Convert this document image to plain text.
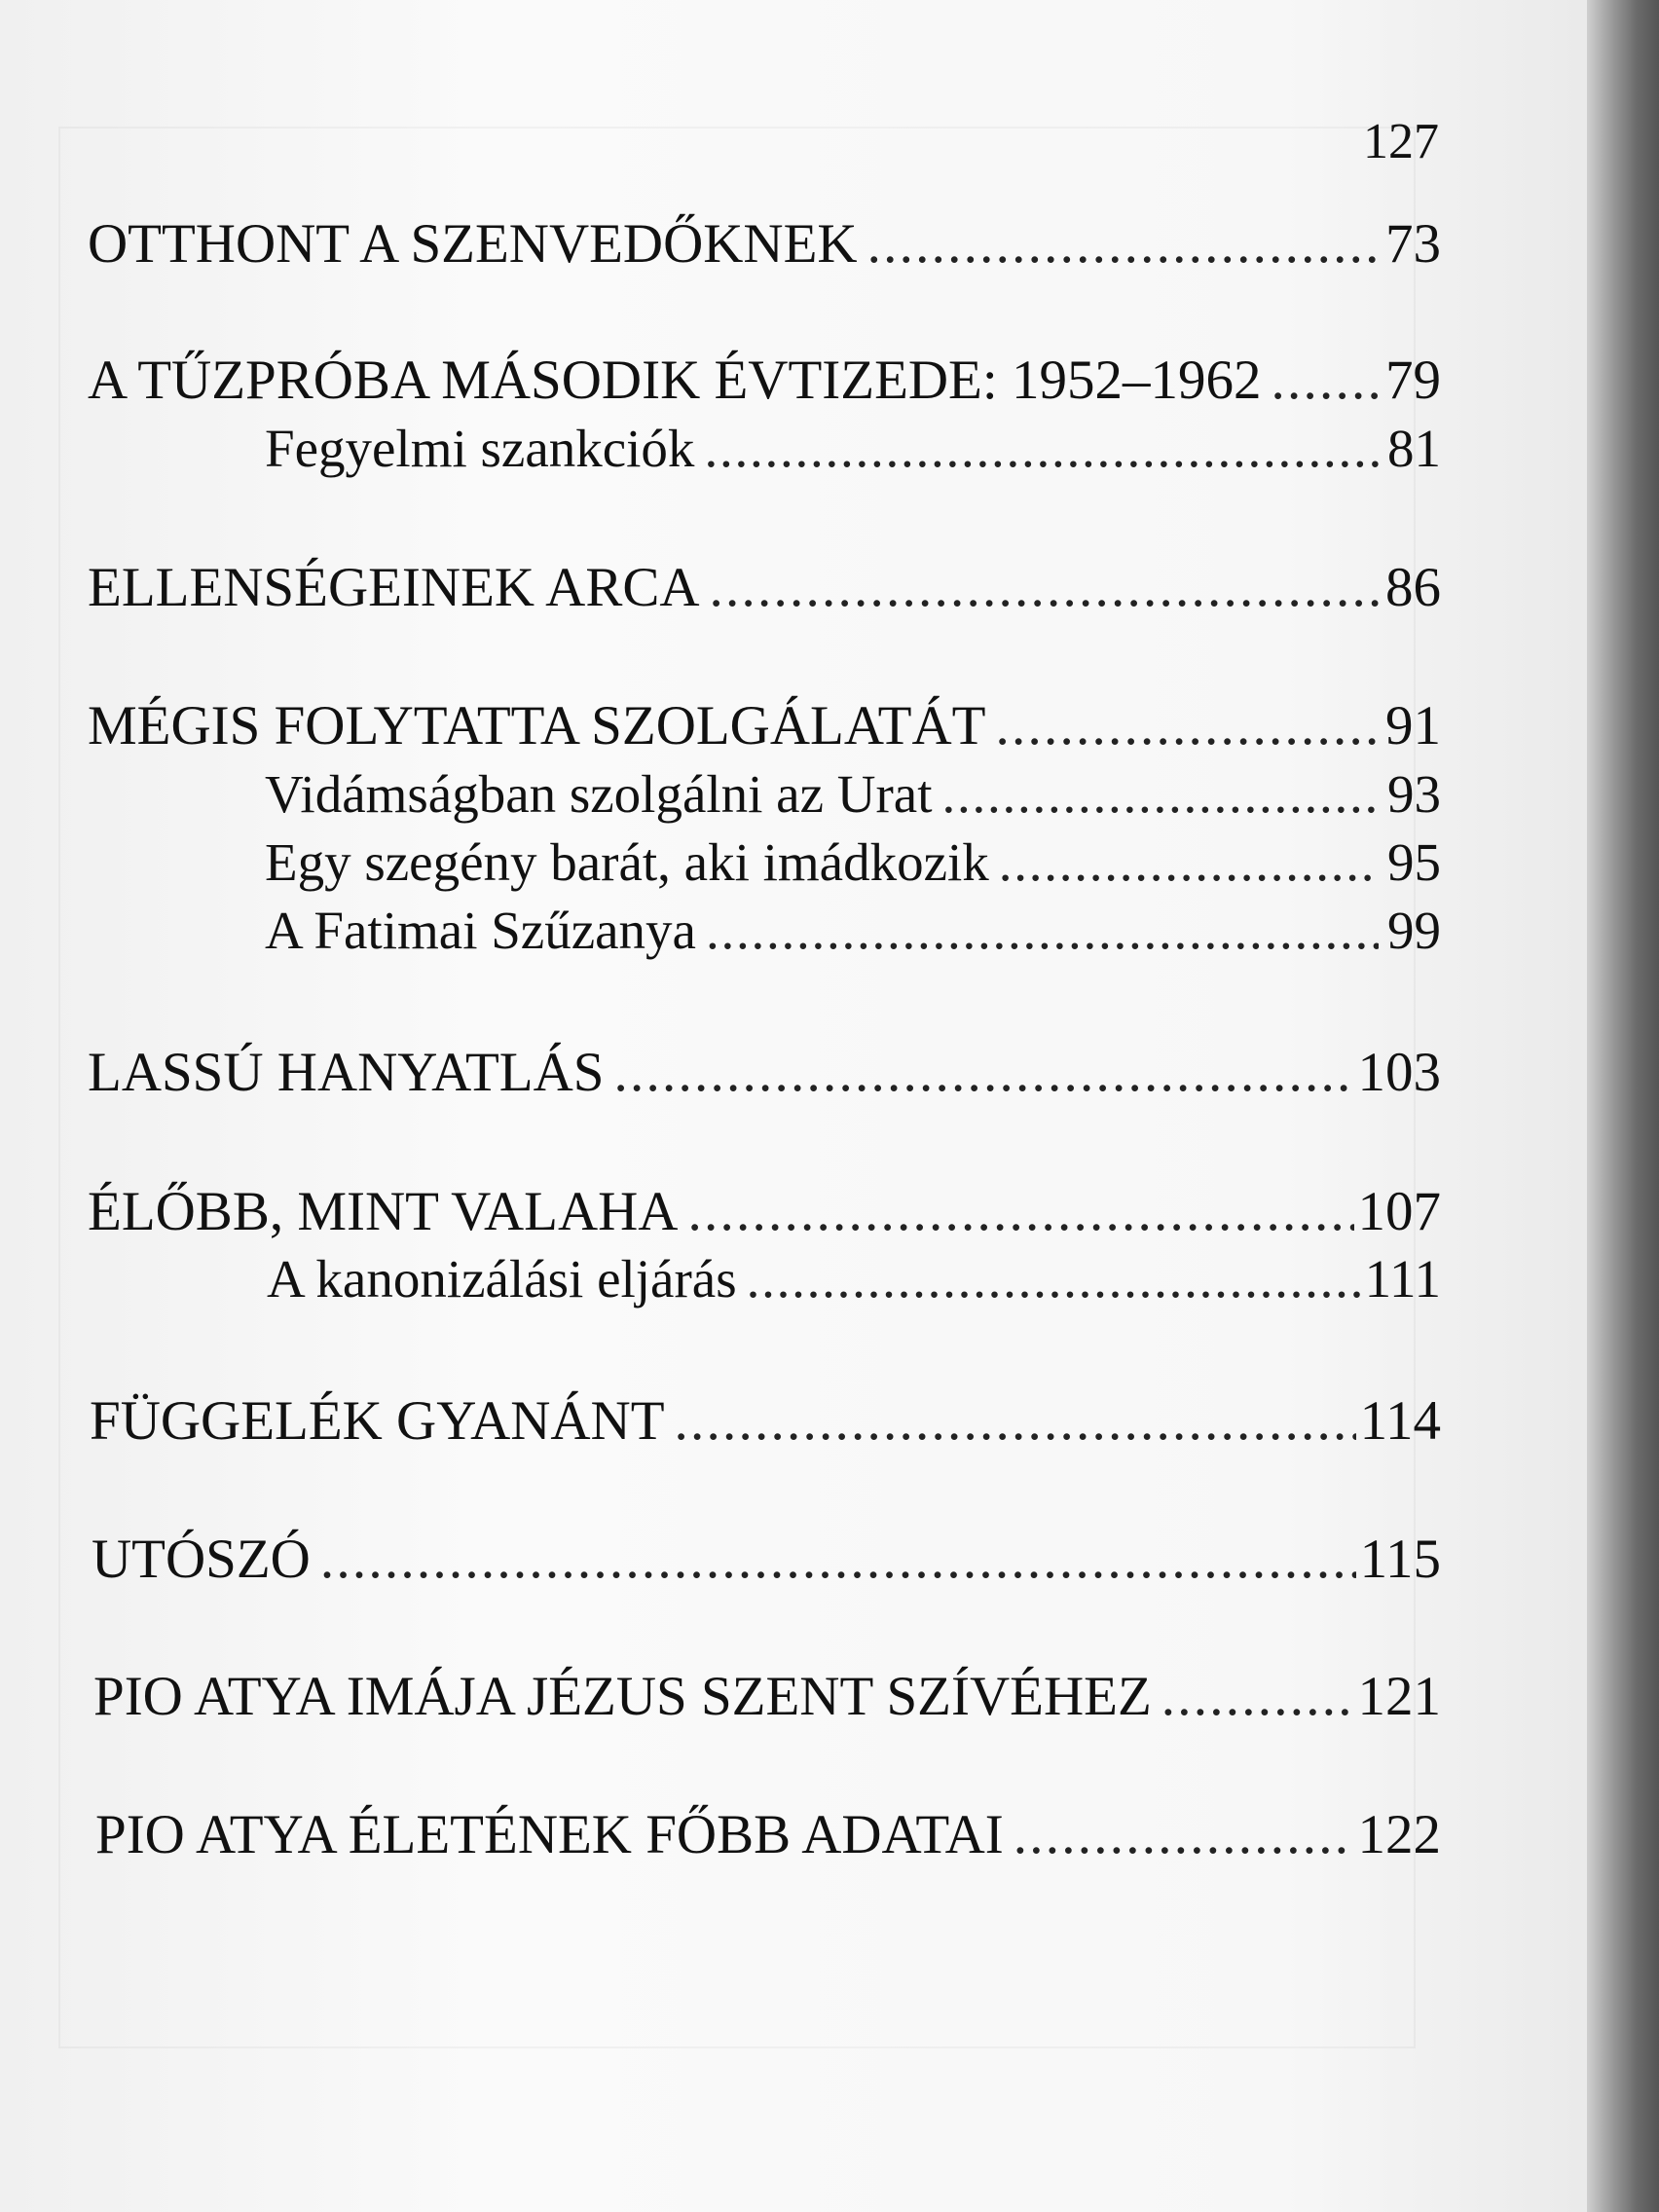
127
OTTHONT A SZENVEDŐKNEK . . .	73
A TŰZPRÓBA MÁSODIK ÉVTIZEDE: 1952–1962 . . . 79
Fegyelmi szankciók . . .	81
ELLENSÉGEINEK ARCA . . .	86
MÉGIS FOLYTATTA SZOLGÁLATÁT . . .	91
Vidámságban szolgálni az Urat . . .	93
Egy szegény barát, aki imádkozik . . .	95
A Fatimai Szűzanya . . .	99
LASSÚ HANYATLÁS . . .	103
ÉLŐBB, MINT VALAHA . . .	107
A kanonizálási eljárás . . .	111
FÜGGELÉK GYANÁNT . . .	114
UTÓSZÓ . . .	115
PIO ATYA IMÁJA JÉZUS SZENT SZÍVÉHEZ . . .	121
PIO ATYA ÉLETÉNEK FŐBB ADATAI . . .	122
